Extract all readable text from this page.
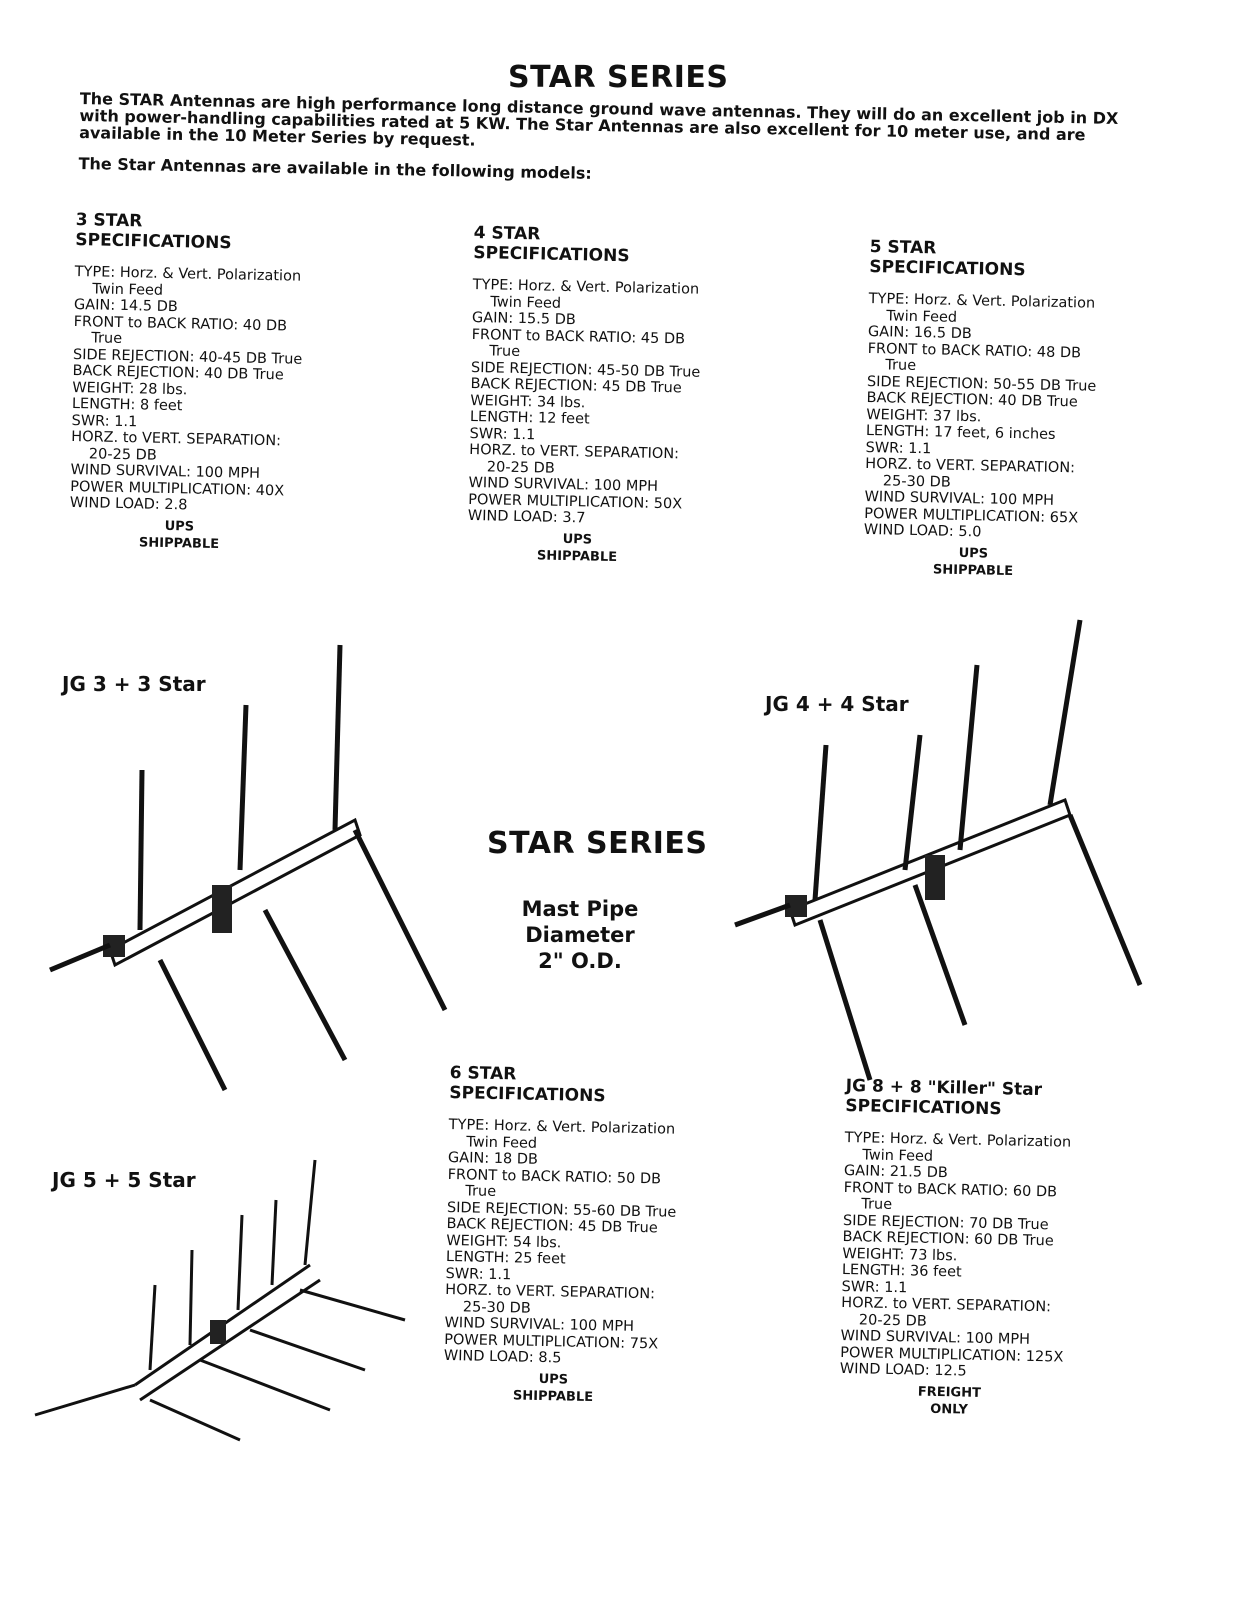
STAR SERIES

The STAR Antennas are high performance long distance ground wave antennas. They will do an excellent job in DX with power-handling capabilities rated at 5 KW. The Star Antennas are also excellent for 10 meter use, and are available in the 10 Meter Series by request.

The Star Antennas are available in the following models:

3 STAR
SPECIFICATIONS
TYPE: Horz. & Vert. Polarization
Twin Feed
GAIN: 14.5 DB
FRONT to BACK RATIO: 40 DB
True
SIDE REJECTION: 40-45 DB True
BACK REJECTION: 40 DB True
WEIGHT: 28 lbs.
LENGTH: 8 feet
SWR: 1.1
HORZ. to VERT. SEPARATION:
20-25 DB
WIND SURVIVAL: 100 MPH
POWER MULTIPLICATION: 40X
WIND LOAD: 2.8
UPS
SHIPPABLE
4 STAR
SPECIFICATIONS
TYPE: Horz. & Vert. Polarization
Twin Feed
GAIN: 15.5 DB
FRONT to BACK RATIO: 45 DB
True
SIDE REJECTION: 45-50 DB True
BACK REJECTION: 45 DB True
WEIGHT: 34 lbs.
LENGTH: 12 feet
SWR: 1.1
HORZ. to VERT. SEPARATION:
20-25 DB
WIND SURVIVAL: 100 MPH
POWER MULTIPLICATION: 50X
WIND LOAD: 3.7
UPS
SHIPPABLE
5 STAR
SPECIFICATIONS
TYPE: Horz. & Vert. Polarization
Twin Feed
GAIN: 16.5 DB
FRONT to BACK RATIO: 48 DB
True
SIDE REJECTION: 50-55 DB True
BACK REJECTION: 40 DB True
WEIGHT: 37 lbs.
LENGTH: 17 feet, 6 inches
SWR: 1.1
HORZ. to VERT. SEPARATION:
25-30 DB
WIND SURVIVAL: 100 MPH
POWER MULTIPLICATION: 65X
WIND LOAD: 5.0
UPS
SHIPPABLE
6 STAR
SPECIFICATIONS
TYPE: Horz. & Vert. Polarization
Twin Feed
GAIN: 18 DB
FRONT to BACK RATIO: 50 DB
True
SIDE REJECTION: 55-60 DB True
BACK REJECTION: 45 DB True
WEIGHT: 54 lbs.
LENGTH: 25 feet
SWR: 1.1
HORZ. to VERT. SEPARATION:
25-30 DB
WIND SURVIVAL: 100 MPH
POWER MULTIPLICATION: 75X
WIND LOAD: 8.5
UPS
SHIPPABLE
JG 8 + 8 "Killer" Star
SPECIFICATIONS
TYPE: Horz. & Vert. Polarization
Twin Feed
GAIN: 21.5 DB
FRONT to BACK RATIO: 60 DB
True
SIDE REJECTION: 70 DB True
BACK REJECTION: 60 DB True
WEIGHT: 73 lbs.
LENGTH: 36 feet
SWR: 1.1
HORZ. to VERT. SEPARATION:
20-25 DB
WIND SURVIVAL: 100 MPH
POWER MULTIPLICATION: 125X
WIND LOAD: 12.5
FREIGHT
ONLY
JG 3 + 3 Star
JG 4 + 4 Star
JG 5 + 5 Star
STAR SERIES
Mast Pipe
Diameter
2" O.D.
